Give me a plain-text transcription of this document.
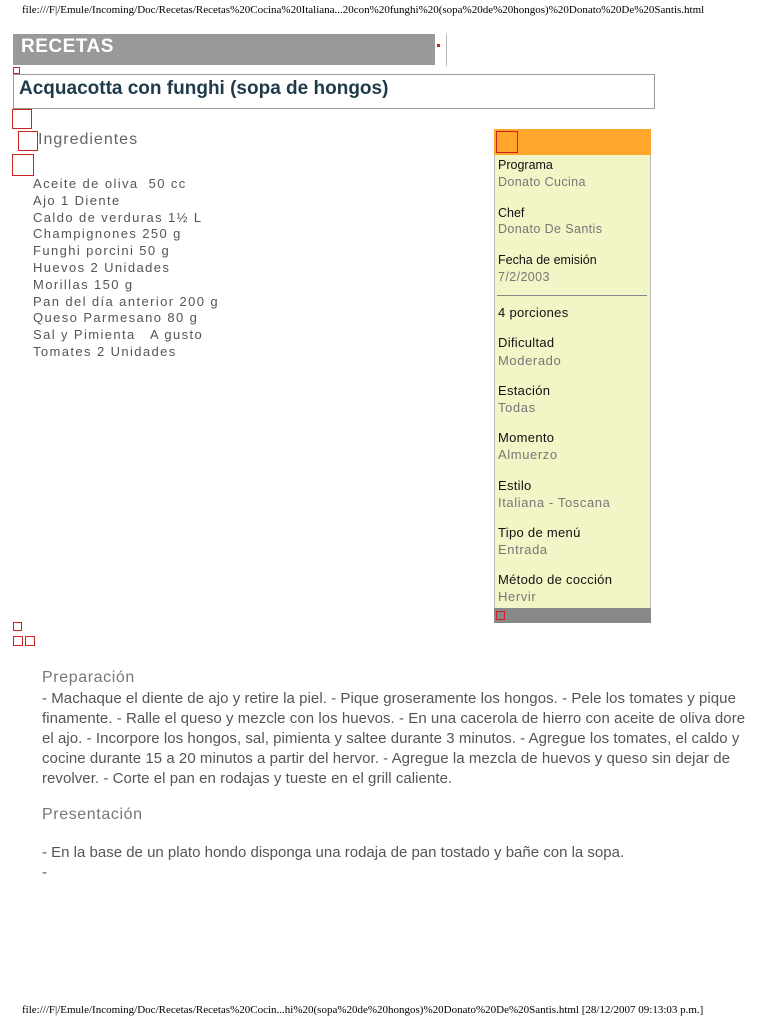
file:///F|/Emule/Incoming/Doc/Recetas/Recetas%20Cocina%20Italiana...20con%20funghi%20(sopa%20de%20hongos)%20Donato%20De%20Santis.html
RECETAS
Acquacotta con funghi (sopa de hongos)
Ingredientes
Aceite de oliva  50 cc
Ajo 1 Diente
Caldo de verduras 1½ L
Champignones 250 g
Funghi porcini 50 g
Huevos 2 Unidades
Morillas 150 g
Pan del día anterior 200 g
Queso Parmesano 80 g
Sal y Pimienta   A gusto
Tomates 2 Unidades
Programa
Donato Cucina
Chef
Donato De Santis
Fecha de emisión
7/2/2003
4 porciones
Dificultad
Moderado
Estación
Todas
Momento
Almuerzo
Estilo
Italiana - Toscana
Tipo de menú
Entrada
Método de cocción
Hervir
Preparación
- Machaque el diente de ajo y retire la piel. - Pique groseramente los hongos. - Pele los tomates y pique finamente. - Ralle el queso y mezcle con los huevos. - En una cacerola de hierro con aceite de oliva dore el ajo. - Incorpore los hongos, sal, pimienta y saltee durante 3 minutos. - Agregue los tomates, el caldo y cocine durante 15 a 20 minutos a partir del hervor. - Agregue la mezcla de huevos y queso sin dejar de revolver. - Corte el pan en rodajas y tueste en el grill caliente.
Presentación
- En la base de un plato hondo disponga una rodaja de pan tostado y bañe con la sopa.
-
file:///F|/Emule/Incoming/Doc/Recetas/Recetas%20Cocin...hi%20(sopa%20de%20hongos)%20Donato%20De%20Santis.html [28/12/2007 09:13:03 p.m.]
